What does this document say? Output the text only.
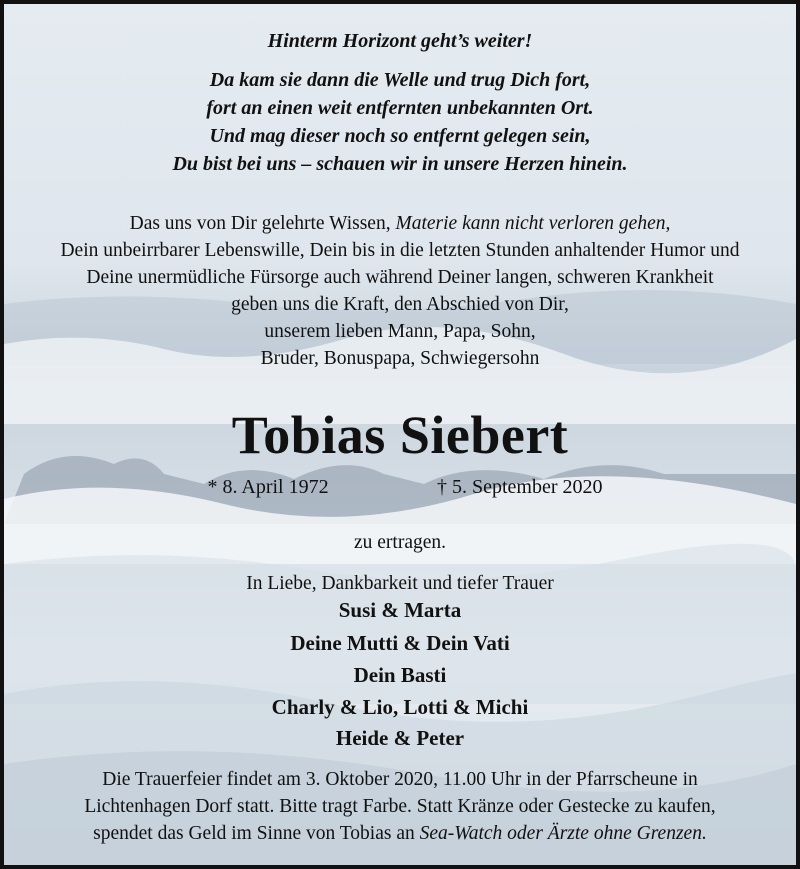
Hinterm Horizont geht’s weiter!
Da kam sie dann die Welle und trug Dich fort,
fort an einen weit entfernten unbekannten Ort.
Und mag dieser noch so entfernt gelegen sein,
Du bist bei uns – schauen wir in unsere Herzen hinein.
Das uns von Dir gelehrte Wissen, Materie kann nicht verloren gehen,
Dein unbeirrbarer Lebenswille, Dein bis in die letzten Stunden anhaltender Humor und
Deine unermüdliche Fürsorge auch während Deiner langen, schweren Krankheit
geben uns die Kraft, den Abschied von Dir,
unserem lieben Mann, Papa, Sohn,
Bruder, Bonuspapa, Schwiegersohn
Tobias Siebert
* 8. April 1972	† 5. September 2020
zu ertragen.
In Liebe, Dankbarkeit und tiefer Trauer
Susi & Marta
Deine Mutti & Dein Vati
Dein Basti
Charly & Lio, Lotti & Michi
Heide & Peter
Die Trauerfeier findet am 3. Oktober 2020, 11.00 Uhr in der Pfarrscheune in
Lichtenhagen Dorf statt. Bitte tragt Farbe. Statt Kränze oder Gestecke zu kaufen,
spendet das Geld im Sinne von Tobias an Sea-Watch oder Ärzte ohne Grenzen.
